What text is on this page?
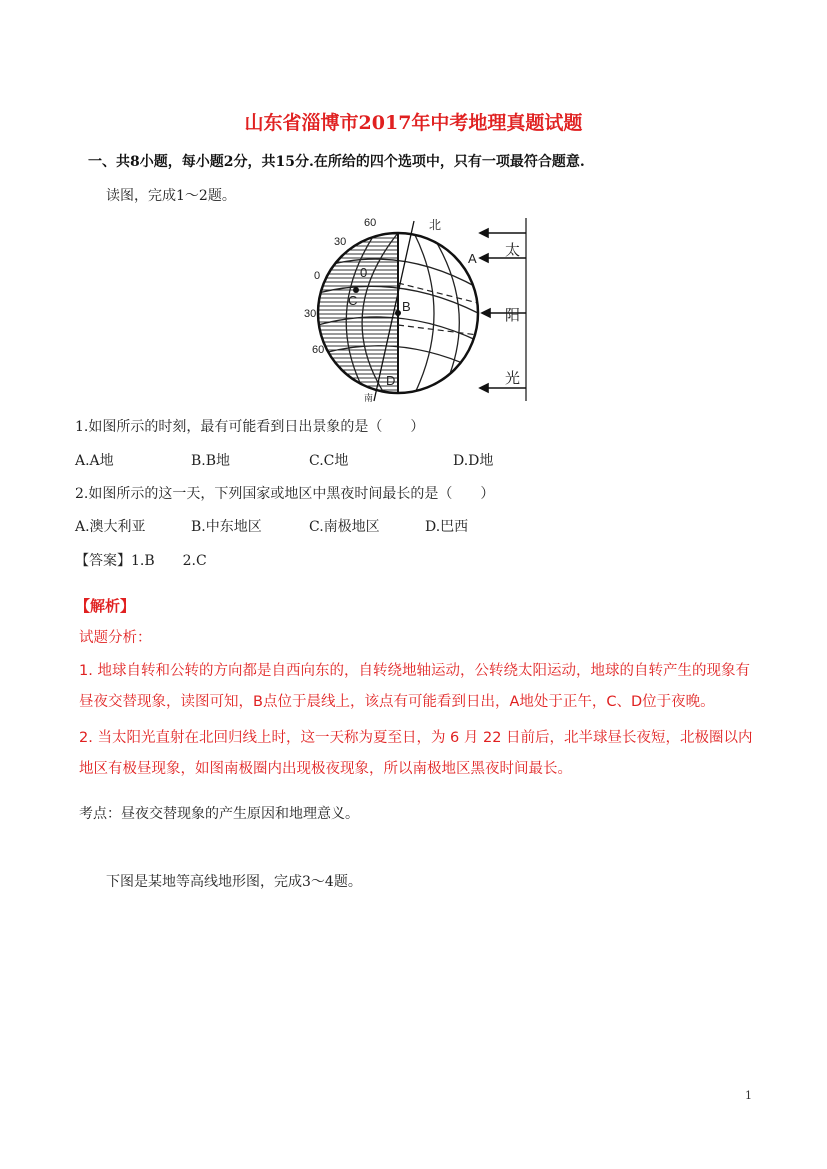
山东省淄博市2017年中考地理真题试题
一、共8小题，每小题2分，共15分.在所给的四个选项中，只有一项最符合题意.
读图，完成1～2题。
60
30
0
30
60
0
北
南
A
B
C
D
太
阳
光
1.如图所示的时刻，最有可能看到日出景象的是（　　）
A.A地	B.B地	C.C地	D.D地
2.如图所示的这一天，下列国家或地区中黑夜时间最长的是（　　）
A.澳大利亚	B.中东地区	C.南极地区	D.巴西
【答案】1.B　　2.C
【解析】
试题分析：
1. 地球自转和公转的方向都是自西向东的，自转绕地轴运动，公转绕太阳运动，地球的自转产生的现象有
昼夜交替现象，读图可知，B点位于晨线上，该点有可能看到日出，A地处于正午，C、D位于夜晚。
2. 当太阳光直射在北回归线上时，这一天称为夏至日，为 6 月 22 日前后，北半球昼长夜短，北极圈以内
地区有极昼现象，如图南极圈内出现极夜现象，所以南极地区黑夜时间最长。
考点：昼夜交替现象的产生原因和地理意义。
下图是某地等高线地形图，完成3～4题。
1
